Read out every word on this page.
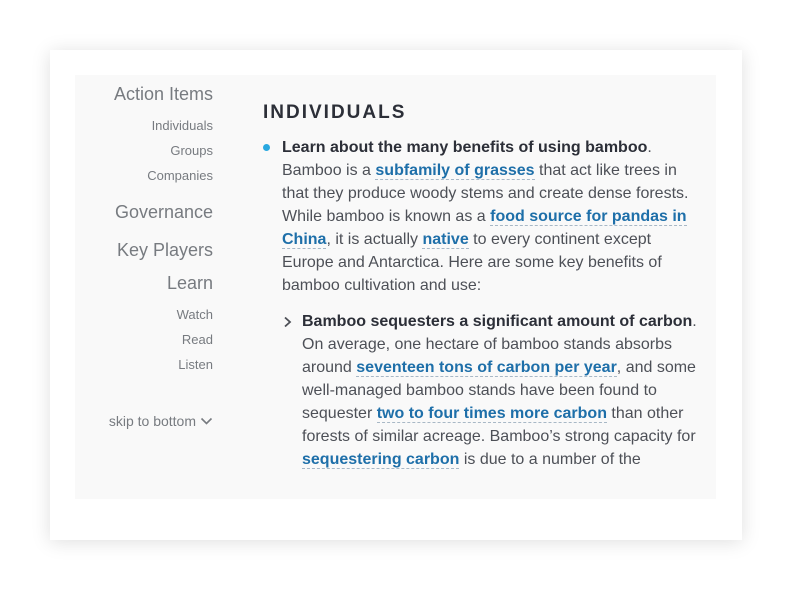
Action Items
Individuals
Groups
Companies
Governance
Key Players
Learn
Watch
Read
Listen
skip to bottom
INDIVIDUALS

Learn about the many benefits of using bamboo. Bamboo is a subfamily of grasses that act like trees in that they produce woody stems and create dense forests. While bamboo is known as a food source for pandas in China, it is actually native to every continent except Europe and Antarctica. Here are some key benefits of bamboo cultivation and use:

Bamboo sequesters a significant amount of carbon. On average, one hectare of bamboo stands absorbs around seventeen tons of carbon per year, and some well-managed bamboo stands have been found to sequester two to four times more carbon than other forests of similar acreage. Bamboo’s strong capacity for sequestering carbon is due to a number of the
